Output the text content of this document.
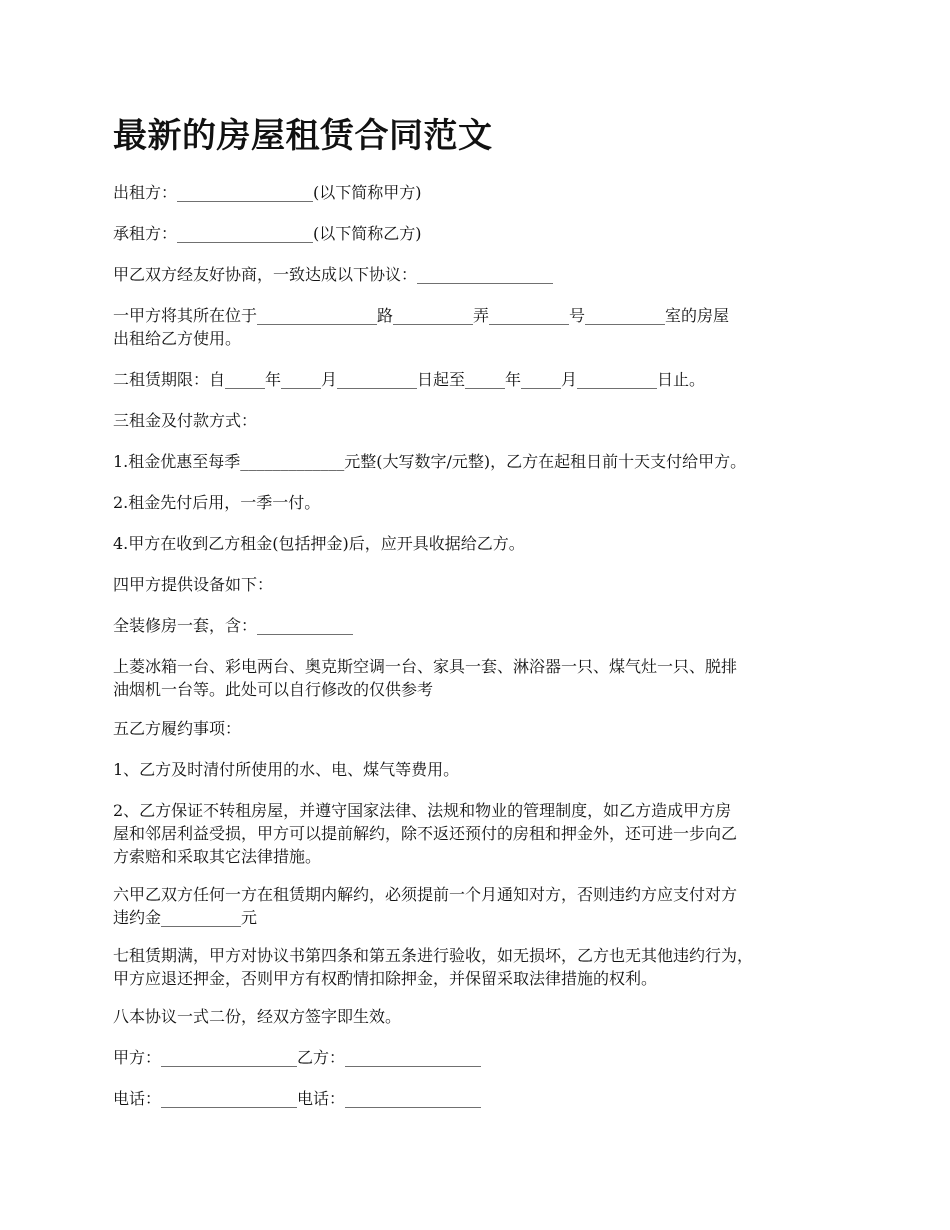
最新的房屋租赁合同范文

出租方：_________________(以下简称甲方)

承租方：_________________(以下简称乙方)

甲乙双方经友好协商，一致达成以下协议：_________________

一甲方将其所在位于_______________路__________弄__________号__________室的房屋
出租给乙方使用。

二租赁期限：自_____年_____月__________日起至_____年_____月__________日止。

三租金及付款方式：

1.租金优惠至每季_____________元整(大写数字/元整)，乙方在起租日前十天支付给甲方。

2.租金先付后用，一季一付。

4.甲方在收到乙方租金(包括押金)后，应开具收据给乙方。

四甲方提供设备如下：

全装修房一套，含：____________

上菱冰箱一台、彩电两台、奥克斯空调一台、家具一套、淋浴器一只、煤气灶一只、脱排
油烟机一台等。此处可以自行修改的仅供参考

五乙方履约事项：

1、乙方及时清付所使用的水、电、煤气等费用。

2、乙方保证不转租房屋，并遵守国家法律、法规和物业的管理制度，如乙方造成甲方房
屋和邻居利益受损，甲方可以提前解约，除不返还预付的房租和押金外，还可进一步向乙
方索赔和采取其它法律措施。

六甲乙双方任何一方在租赁期内解约，必须提前一个月通知对方，否则违约方应支付对方
违约金__________元

七租赁期满，甲方对协议书第四条和第五条进行验收，如无损坏，乙方也无其他违约行为，
甲方应退还押金，否则甲方有权酌情扣除押金，并保留采取法律措施的权利。

八本协议一式二份，经双方签字即生效。

甲方：_________________乙方：_________________

电话：_________________电话：_________________
